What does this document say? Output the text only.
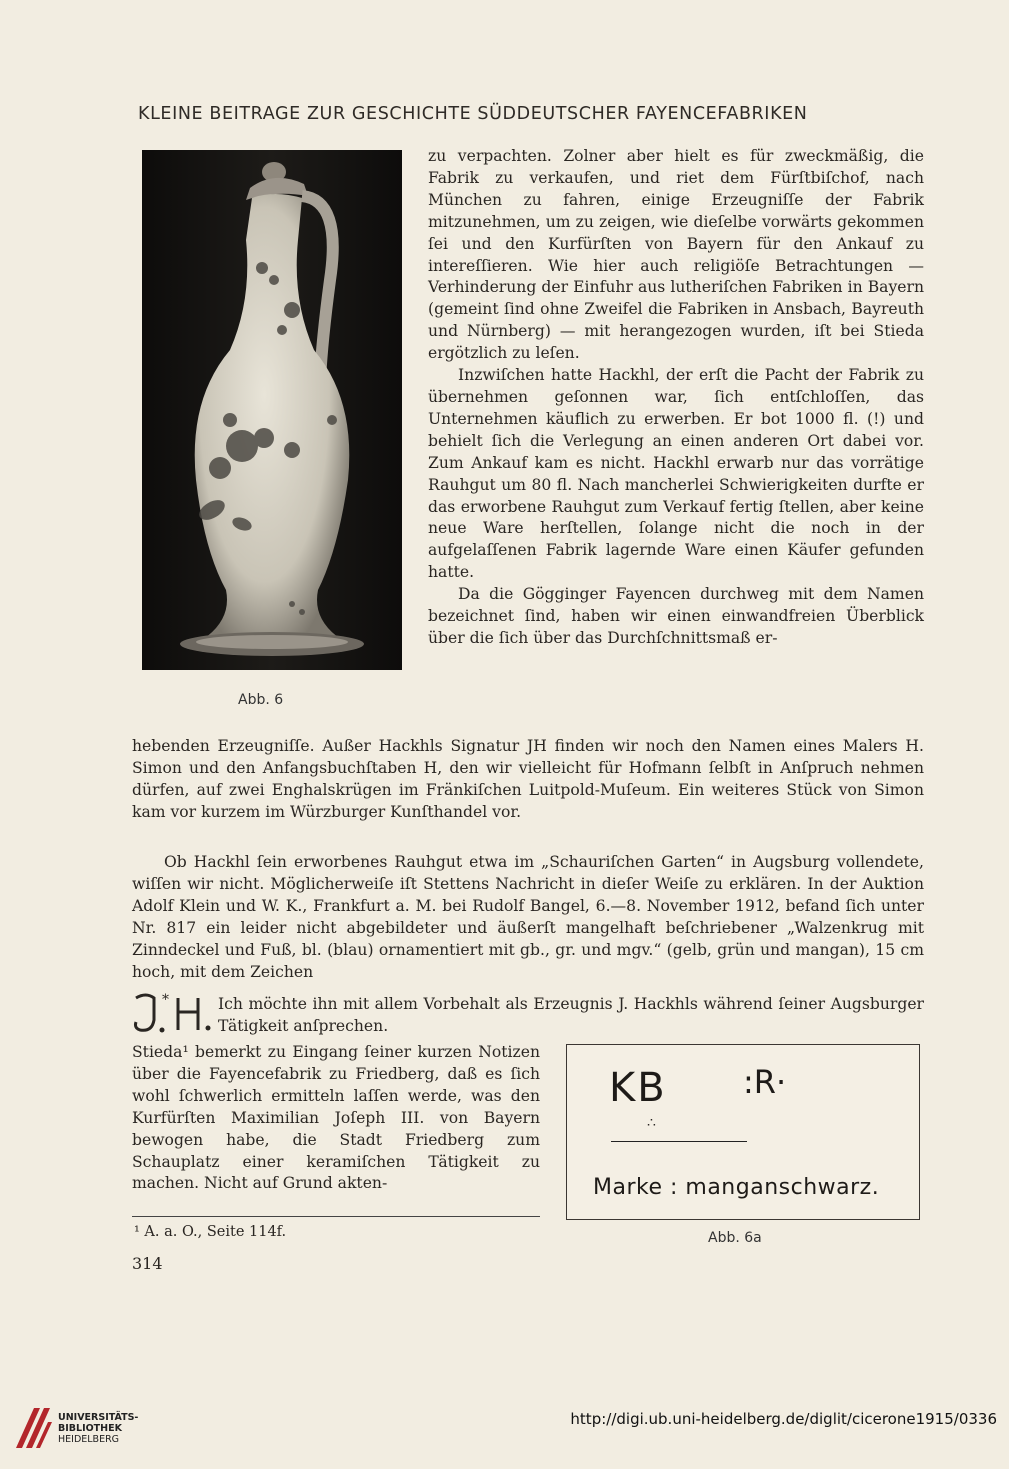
KLEINE BEITRAGE ZUR GESCHICHTE SÜDDEUTSCHER FAYENCEFABRIKEN
Abb. 6

zu verpachten. Zolner aber hielt es für zweckmäßig, die Fabrik zu verkaufen, und riet dem Fürſtbiſchof, nach München zu fahren, einige Erzeugniſſe der Fabrik mitzunehmen, um zu zeigen, wie dieſelbe vorwärts gekommen ſei und den Kurfürſten von Bayern für den Ankauf zu intereſſieren. Wie hier auch religiöſe Betrachtungen — Verhinderung der Einfuhr aus lutheriſchen Fabriken in Bayern (gemeint ſind ohne Zweifel die Fabriken in Ansbach, Bayreuth und Nürnberg) — mit herangezogen wurden, iſt bei Stieda ergötzlich zu leſen.

Inzwiſchen hatte Hackhl, der erſt die Pacht der Fabrik zu übernehmen geſonnen war, ſich entſchloſſen, das Unternehmen käuflich zu erwerben. Er bot 1000 fl. (!) und behielt ſich die Verlegung an einen anderen Ort dabei vor. Zum Ankauf kam es nicht. Hackhl erwarb nur das vorrätige Rauhgut um 80 fl. Nach mancherlei Schwierigkeiten durfte er das erworbene Rauhgut zum Verkauf fertig ſtellen, aber keine neue Ware herſtellen, ſolange nicht die noch in der aufgelaſſenen Fabrik lagernde Ware einen Käufer gefunden hatte.

Da die Gögginger Fayencen durchweg mit dem Namen bezeichnet ſind, haben wir einen einwandfreien Überblick über die ſich über das Durchſchnittsmaß er-

hebenden Erzeugniſſe. Außer Hackhls Signatur JH finden wir noch den Namen eines Malers H. Simon und den Anfangsbuchſtaben H, den wir vielleicht für Hofmann ſelbſt in Anſpruch nehmen dürfen, auf zwei Enghalskrügen im Fränkiſchen Luitpold-Muſeum. Ein weiteres Stück von Simon kam vor kurzem im Würzburger Kunſthandel vor.

Ob Hackhl ſein erworbenes Rauhgut etwa im „Schauriſchen Garten“ in Augsburg vollendete, wiſſen wir nicht. Möglicherweiſe iſt Stettens Nachricht in dieſer Weiſe zu erklären. In der Auktion Adolf Klein und W. K., Frankfurt a. M. bei Rudolf Bangel, 6.—8. November 1912, befand ſich unter Nr. 817 ein leider nicht abgebildeter und äußerſt mangelhaft beſchriebener „Walzenkrug mit Zinndeckel und Fuß, bl. (blau) ornamentiert mit gb., gr. und mgv.“ (gelb, grün und mangan), 15 cm hoch, mit dem Zeichen

*	Ich möchte ihn mit allem Vorbehalt als Erzeugnis J. Hackhls während ſeiner Augsburger Tätigkeit anſprechen.
Stieda¹ bemerkt zu Eingang ſeiner kurzen Notizen über die Fayencefabrik zu Friedberg, daß es ſich wohl ſchwerlich ermitteln laſſen werde, was den Kurfürſten Maximilian Joſeph III. von Bayern bewogen habe, die Stadt Friedberg zum Schauplatz einer keramiſchen Tätigkeit zu machen. Nicht auf Grund akten-
KB :R·
∴
Marke : manganschwarz.
Abb. 6a
¹ A. a. O., Seite 114f.
314
UNIVERSITÄTS-
BIBLIOTHEK
HEIDELBERG
http://digi.ub.uni-heidelberg.de/diglit/cicerone1915/0336
